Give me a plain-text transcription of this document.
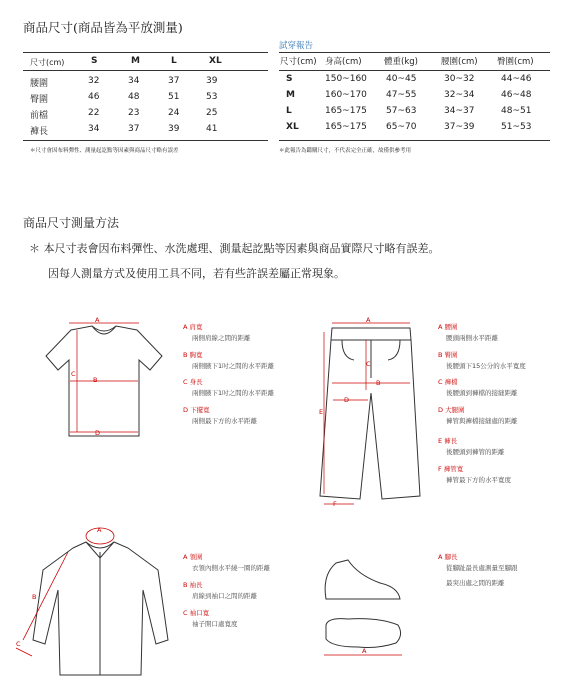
商品尺寸(商品皆為平放測量)
尺寸(cm)	S	M	L	XL
腰圍	32	34	37	39
臀圍	46	48	51	53
前檔	22	23	24	25
褲長	34	37	39	41
＊尺寸會因布料彈性、測量起訖點等因素與商品尺寸略有誤差
試穿報告
尺寸(cm) 身高(cm)	體重(kg)	腰圍(cm) 臀圍(cm)
S	150~160 40~45	30~32	44~46
M	160~170 47~55	32~34	46~48
L	165~175 57~63	34~37	48~51
XL	165~175 65~70	37~39	51~53
＊此報告為鑑購尺寸，不代表完全正確，故僅供參考用
商品尺寸測量方法
＊ 本尺寸表會因布料彈性、水洗處理、測量起訖點等因素與商品實際尺寸略有誤差。
因每人測量方式及使用工具不同，若有些許誤差屬正常現象。
A
B
C
D
A 肩寬
兩側肩線之間的距離
B 胸寬
兩側腋下1吋之間的水平距離
C 身長
兩側腋下1吋之間的水平距離
D 下擺寬
兩側最下方的水平距離
A
B
C
D
E
F
A 腰圍
腰頭兩側水平距離
B 臀圍
後腰頭下15公分的水平寬度
C 褲檔
後腰頭到褲檔的接縫距離
D 大腿圍
褲管與褲檔接縫處的距離
E 褲長
後腰頭到褲管的距離
F 褲管寬
褲管最下方的水平寬度
A
B
C
A 領圍
衣領內側水平繞一圈的距離
B 袖長
肩線到袖口之間的距離
C 袖口寬
袖子開口處寬度
A
A 腳長
從腳趾最長處測量至腳跟
最突出處之間的距離
